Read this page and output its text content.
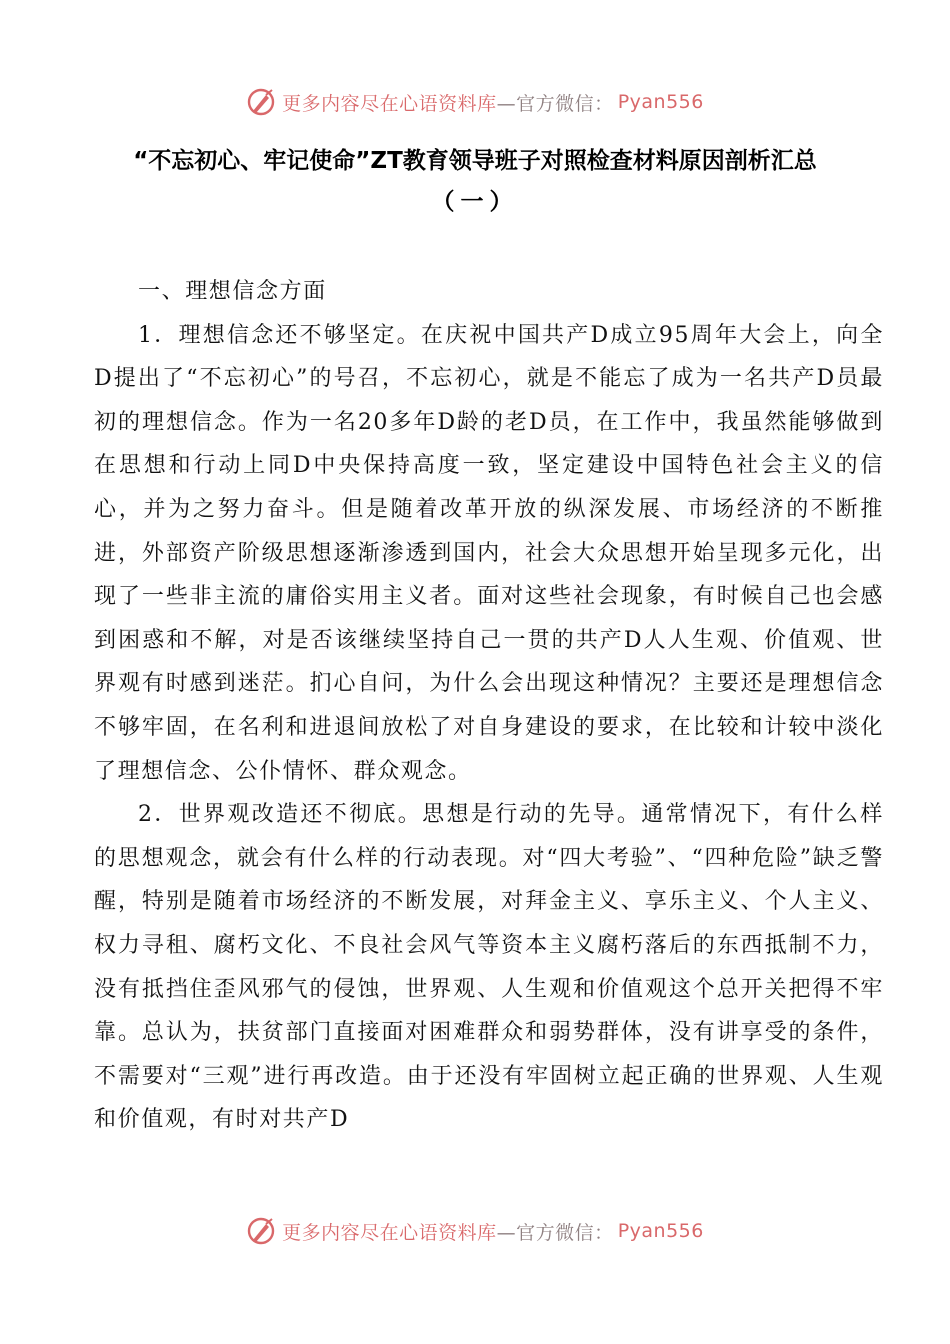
更多内容尽在心语资料库 —官方微信： Pyan556
“不忘初心、牢记使命”ZT教育领导班子对照检查材料原因剖析汇总
（一）

一、理想信念方面

1．理想信念还不够坚定。在庆祝中国共产D成立95周年大会上，向全D提出了“不忘初心”的号召，不忘初心，就是不能忘了成为一名共产D员最初的理想信念。作为一名20多年D龄的老D员，在工作中，我虽然能够做到在思想和行动上同D中央保持高度一致，坚定建设中国特色社会主义的信心，并为之努力奋斗。但是随着改革开放的纵深发展、市场经济的不断推进，外部资产阶级思想逐渐渗透到国内，社会大众思想开始呈现多元化，出现了一些非主流的庸俗实用主义者。面对这些社会现象，有时候自己也会感到困惑和不解，对是否该继续坚持自己一贯的共产D人人生观、价值观、世界观有时感到迷茫。扪心自问，为什么会出现这种情况？主要还是理想信念不够牢固，在名利和进退间放松了对自身建设的要求，在比较和计较中淡化了理想信念、公仆情怀、群众观念。

2．世界观改造还不彻底。思想是行动的先导。通常情况下，有什么样的思想观念，就会有什么样的行动表现。对“四大考验”、“四种危险”缺乏警醒，特别是随着市场经济的不断发展，对拜金主义、享乐主义、个人主义、权力寻租、腐朽文化、不良社会风气等资本主义腐朽落后的东西抵制不力，没有抵挡住歪风邪气的侵蚀，世界观、人生观和价值观这个总开关把得不牢靠。总认为，扶贫部门直接面对困难群众和弱势群体，没有讲享受的条件，不需要对“三观”进行再改造。由于还没有牢固树立起正确的世界观、人生观和价值观，有时对共产D

更多内容尽在心语资料库 —官方微信： Pyan556
